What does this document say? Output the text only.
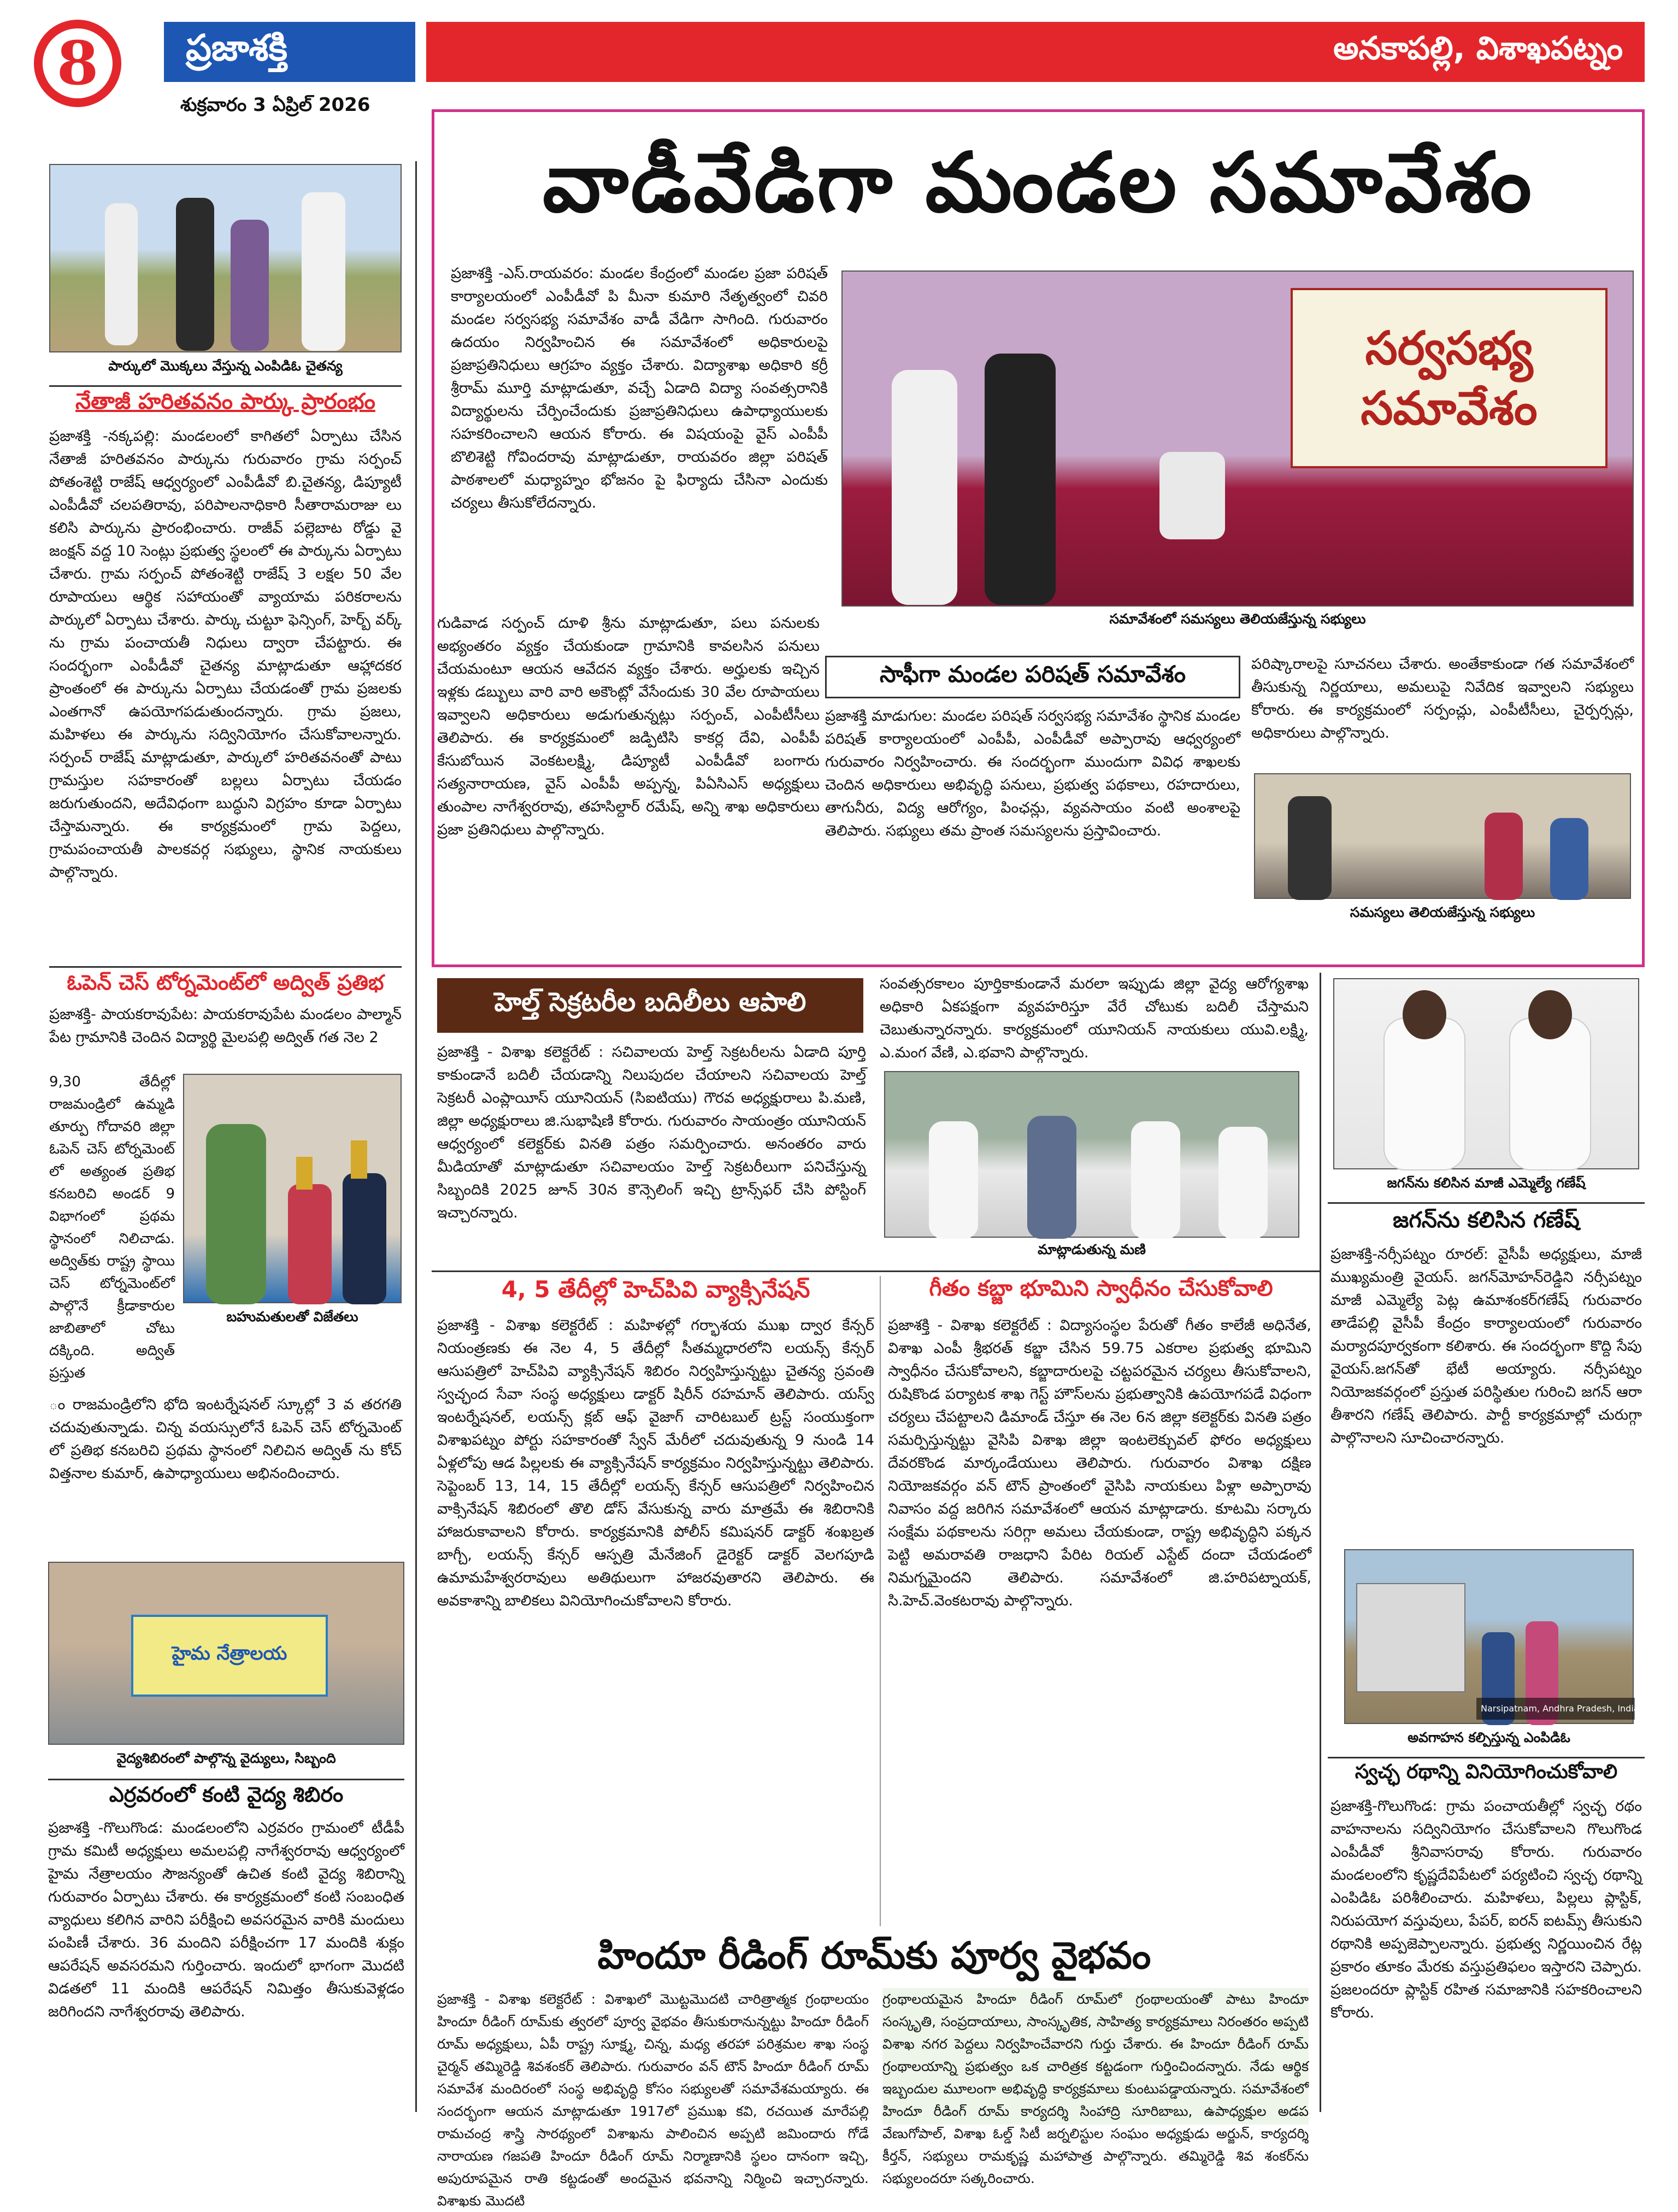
8 ప్రజాశక్తి	అనకాపల్లి, విశాఖపట్నం
శుక్రవారం 3 ఏప్రిల్ 2026
పార్కులో మొక్కలు వేస్తున్న ఎంపిడిఓ చైతన్య
నేతాజీ హరితవనం పార్కు ప్రారంభం
ప్రజాశక్తి -నక్కపల్లి: మండలంలో కాగితలో ఏర్పాటు చేసిన నేతాజీ హరితవనం పార్కును గురువారం గ్రామ సర్పంచ్ పోతంశెట్టి రాజేష్ ఆధ్వర్యంలో ఎంపీడీవో బి.చైతన్య, డిప్యూటీ ఎంపీడీవో చలపతిరావు, పరిపాలనాధికారి సీతారామరాజు లు కలిసి పార్కును ప్రారంభించారు. రాజీవ్ పల్లెబాట రోడ్డు వై జంక్షన్ వద్ద 10 సెంట్లు ప్రభుత్వ స్థలంలో ఈ పార్కును ఏర్పాటు చేశారు. గ్రామ సర్పంచ్ పోతంశెట్టి రాజేష్ 3 లక్షల 50 వేల రూపాయలు ఆర్థిక సహాయంతో వ్యాయామ పరికరాలను పార్కులో ఏర్పాటు చేశారు. పార్కు చుట్టూ ఫెన్సింగ్, హెర్బ్ వర్క్ ను గ్రామ పంచాయతీ నిధులు ద్వారా చేపట్టారు. ఈ సందర్భంగా ఎంపీడీవో చైతన్య మాట్లాడుతూ ఆహ్లాదకర ప్రాంతంలో ఈ పార్కును ఏర్పాటు చేయడంతో గ్రామ ప్రజలకు ఎంతగానో ఉపయోగపడుతుందన్నారు. గ్రామ ప్రజలు, మహిళలు ఈ పార్కును సద్వినియోగం చేసుకోవాలన్నారు. సర్పంచ్ రాజేష్ మాట్లాడుతూ, పార్కులో హరితవనంతో పాటు గ్రామస్తుల సహకారంతో బల్లలు ఏర్పాటు చేయడం జరుగుతుందని, అదేవిధంగా బుద్ధుని విగ్రహం కూడా ఏర్పాటు చేస్తామన్నారు. ఈ కార్యక్రమంలో గ్రామ పెద్దలు, గ్రామపంచాయతీ పాలకవర్గ సభ్యులు, స్థానిక నాయకులు పాల్గొన్నారు.
ఓపెన్ చెస్ టోర్నమెంట్‌లో అద్విత్ ప్రతిభ
ప్రజాశక్తి- పాయకరావుపేట: పాయకరావుపేట మండలం పాల్మాన్ పేట గ్రామానికి చెందిన విద్యార్థి మైలపల్లి అద్విత్ గత నెల 2
9,30 తేదీల్లో రాజమండ్రిలో ఉమ్మడి తూర్పు గోదావరి జిల్లా ఓపెన్ చెస్ టోర్నమెంట్ లో అత్యంత ప్రతిభ కనబరిచి అండర్ 9 విభాగంలో ప్రథమ స్థానంలో నిలిచాడు. అద్విత్‌కు రాష్ట్ర స్థాయి చెస్ టోర్నమెంట్‌లో పాల్గొనే క్రీడాకారుల జాబితాలో చోటు దక్కింది. అద్విత్ ప్రస్తుత
బహుమతులతో విజేతలు
ం రాజమండ్రిలోని భోది ఇంటర్నేషనల్ స్కూల్లో 3 వ తరగతి చదువుతున్నాడు. చిన్న వయస్సులోనే ఓపెన్ చెస్ టోర్నమెంట్ లో ప్రతిభ కనబరిచి ప్రథమ స్థానంలో నిలిచిన అద్విత్ ను కోచ్ విత్తనాల కుమార్, ఉపాధ్యాయులు అభినందించారు.
హైమ నేత్రాలయ
వైద్యశిబిరంలో పాల్గొన్న వైద్యులు, సిబ్బంది
ఎర్రవరంలో కంటి వైద్య శిబిరం
ప్రజాశక్తి -గొలుగొండ: మండలంలోని ఎర్రవరం గ్రామంలో టీడీపీ గ్రామ కమిటీ అధ్యక్షులు అమలపల్లి నాగేశ్వరరావు ఆధ్వర్యంలో హైమ నేత్రాలయం సౌజన్యంతో ఉచిత కంటి వైద్య శిబిరాన్ని గురువారం ఏర్పాటు చేశారు. ఈ కార్యక్రమంలో కంటి సంబంధిత వ్యాధులు కలిగిన వారిని పరీక్షించి అవసరమైన వారికి మందులు పంపిణీ చేశారు. 36 మందిని పరీక్షించగా 17 మందికి శుక్లం ఆపరేషన్ అవసరమని గుర్తించారు. ఇందులో భాగంగా మొదటి విడతలో 11 మందికి ఆపరేషన్ నిమిత్తం తీసుకువెళ్లడం జరిగిందని నాగేశ్వరరావు తెలిపారు.
వాడీవేడిగా మండల సమావేశం
ప్రజాశక్తి -ఎస్.రాయవరం: మండల కేంద్రంలో మండల ప్రజా పరిషత్ కార్యాలయంలో ఎంపీడీవో పి మీనా కుమారి నేతృత్వంలో చివరి మండల సర్వసభ్య సమావేశం వాడీ వేడిగా సాగింది. గురువారం ఉదయం నిర్వహించిన ఈ సమావేశంలో అధికారులపై ప్రజాప్రతినిధులు ఆగ్రహం వ్యక్తం చేశారు. విద్యాశాఖ అధికారి కర్రీ శ్రీరామ్ మూర్తి మాట్లాడుతూ, వచ్చే ఏడాది విద్యా సంవత్సరానికి విద్యార్థులను చేర్పించేందుకు ప్రజాప్రతినిధులు ఉపాధ్యాయులకు సహకరించాలని ఆయన కోరారు. ఈ విషయంపై వైస్ ఎంపీపీ బొలిశెట్టి గోవిందరావు మాట్లాడుతూ, రాయవరం జిల్లా పరిషత్ పాఠశాలలో మధ్యాహ్నం భోజనం పై ఫిర్యాదు చేసినా ఎందుకు చర్యలు తీసుకోలేదన్నారు.
గుడివాడ సర్పంచ్ దూళి శ్రీను మాట్లాడుతూ, పలు పనులకు అభ్యంతరం వ్యక్తం చేయకుండా గ్రామానికి కావలసిన పనులు చేయమంటూ ఆయన ఆవేదన వ్యక్తం చేశారు. అర్హులకు ఇచ్చిన ఇళ్లకు డబ్బులు వారి వారి అకౌంట్లో వేసేందుకు 30 వేల రూపాయలు ఇవ్వాలని అధికారులు అడుగుతున్నట్లు సర్పంచ్, ఎంపీటీసీలు తెలిపారు. ఈ కార్యక్రమంలో జడ్పిటిసి కాకర్ల దేవి, ఎంపీపీ కేసుబోయిన వెంకటలక్ష్మి, డిప్యూటీ ఎంపీడీవో బంగారు సత్యనారాయణ, వైస్ ఎంపీపీ అప్పన్న, పిఏసిఎస్ అధ్యక్షులు తుంపాల నాగేశ్వరరావు, తహసిల్దార్ రమేష్, అన్ని శాఖ అధికారులు ప్రజా ప్రతినిధులు పాల్గొన్నారు.
సర్వసభ్య సమావేశం
సమావేశంలో సమస్యలు తెలియజేస్తున్న సభ్యులు
సాఫీగా మండల పరిషత్ సమావేశం
ప్రజాశక్తి మాడుగుల: మండల పరిషత్ సర్వసభ్య సమావేశం స్థానిక మండల పరిషత్ కార్యాలయంలో ఎంపీపీ, ఎంపీడీవో అప్పారావు ఆధ్వర్యంలో గురువారం నిర్వహించారు. ఈ సందర్భంగా ముందుగా వివిధ శాఖలకు చెందిన అధికారులు అభివృద్ధి పనులు, ప్రభుత్వ పథకాలు, రహదారులు, తాగునీరు, విద్య ఆరోగ్యం, పింఛన్లు, వ్యవసాయం వంటి అంశాలపై తెలిపారు. సభ్యులు తమ ప్రాంత సమస్యలను ప్రస్తావించారు.
పరిష్కారాలపై సూచనలు చేశారు. అంతేకాకుండా గత సమావేశంలో తీసుకున్న నిర్ణయాలు, అమలుపై నివేదిక ఇవ్వాలని సభ్యులు కోరారు. ఈ కార్యక్రమంలో సర్పంచ్లు, ఎంపీటీసీలు, చైర్పర్సన్లు, అధికారులు పాల్గొన్నారు.
సమస్యలు తెలియజేస్తున్న సభ్యులు
హెల్త్ సెక్రటరీల బదిలీలు ఆపాలి
ప్రజాశక్తి - విశాఖ కలెక్టరేట్ : సచివాలయ హెల్త్ సెక్రటరీలను ఏడాది పూర్తి కాకుండానే బదిలీ చేయడాన్ని నిలుపుదల చేయాలని సచివాలయ హెల్త్ సెక్రటరీ ఎంప్లాయీస్ యూనియన్ (సిఐటియు) గౌరవ అధ్యక్షురాలు పి.మణి, జిల్లా అధ్యక్షురాలు జి.సుభాషిణి కోరారు. గురువారం సాయంత్రం యూనియన్ ఆధ్వర్యంలో కలెక్టర్‌కు వినతి పత్రం సమర్పించారు. అనంతరం వారు మీడియాతో మాట్లాడుతూ సచివాలయం హెల్త్ సెక్రటరీలుగా పనిచేస్తున్న సిబ్బందికి 2025 జూన్ 30న కౌన్సెలింగ్ ఇచ్చి ట్రాన్స్‌ఫర్ చేసి పోస్టింగ్ ఇచ్చారన్నారు.
సంవత్సరకాలం పూర్తికాకుండానే మరలా ఇప్పుడు జిల్లా వైద్య ఆరోగ్యశాఖ అధికారి ఏకపక్షంగా వ్యవహరిస్తూ వేరే చోటుకు బదిలీ చేస్తామని చెబుతున్నారన్నారు. కార్యక్రమంలో యూనియన్ నాయకులు యువి.లక్ష్మి, ఎ.మంగ వేణి, ఎ.భవాని పాల్గొన్నారు.
మాట్లాడుతున్న మణి
4, 5 తేదీల్లో హెచ్‌పివి వ్యాక్సినేషన్
ప్రజాశక్తి - విశాఖ కలెక్టరేట్ : మహిళల్లో గర్భాశయ ముఖ ద్వార కేన్సర్ నియంత్రణకు ఈ నెల 4, 5 తేదీల్లో సీతమ్మధారలోని లయన్స్ కేన్సర్ ఆసుపత్రిలో హెచ్‌పివి వ్యాక్సినేషన్ శిబిరం నిర్వహిస్తున్నట్టు చైతన్య స్రవంతి స్వచ్ఛంద సేవా సంస్థ అధ్యక్షులు డాక్టర్ షిరీన్ రహమాన్ తెలిపారు. యస్వ్ ఇంటర్నేషనల్, లయన్స్ క్లబ్ ఆఫ్ వైజాగ్ చారిటబుల్ ట్రస్ట్ సంయుక్తంగా విశాఖపట్నం పోర్టు సహకారంతో స్వేన్ మేరీలో చదువుతున్న 9 నుండి 14 ఏళ్లలోపు ఆడ పిల్లలకు ఈ వ్యాక్సినేషన్ కార్యక్రమం నిర్వహిస్తున్నట్టు తెలిపారు. సెప్టెంబర్ 13, 14, 15 తేదీల్లో లయన్స్ కేన్సర్ ఆసుపత్రిలో నిర్వహించిన వాక్సినేషన్ శిబిరంలో తొలి డోస్ వేసుకున్న వారు మాత్రమే ఈ శిబిరానికి హాజరుకావాలని కోరారు. కార్యక్రమానికి పోలీస్ కమిషనర్ డాక్టర్ శంఖబ్రత బాగ్చీ, లయన్స్ కేన్సర్ ఆస్పత్రి మేనేజింగ్ డైరెక్టర్ డాక్టర్ వెలగపూడి ఉమామహేశ్వరరావులు అతిథులుగా హాజరవుతారని తెలిపారు. ఈ అవకాశాన్ని బాలికలు వినియోగించుకోవాలని కోరారు.
గీతం కబ్జా భూమిని స్వాధీనం చేసుకోవాలి
ప్రజాశక్తి - విశాఖ కలెక్టరేట్ : విద్యాసంస్థల పేరుతో గీతం కాలేజీ అధినేత, విశాఖ ఎంపీ శ్రీభరత్ కబ్జా చేసిన 59.75 ఎకరాల ప్రభుత్వ భూమిని స్వాధీనం చేసుకోవాలని, కబ్జాదారులపై చట్టపరమైన చర్యలు తీసుకోవాలని, రుషికొండ పర్యాటక శాఖ గెస్ట్ హౌస్‌లను ప్రభుత్వానికి ఉపయోగపడే విధంగా చర్యలు చేపట్టాలని డిమాండ్ చేస్తూ ఈ నెల 6న జిల్లా కలెక్టర్‌కు వినతి పత్రం సమర్పిస్తున్నట్టు వైసిపి విశాఖ జిల్లా ఇంటలెక్చువల్ ఫోరం అధ్యక్షులు దేవరకొండ మార్కండేయులు తెలిపారు. గురువారం విశాఖ దక్షిణ నియోజకవర్గం వన్ టౌన్ ప్రాంతంలో వైసిపి నాయకులు పిళ్లా అప్పారావు నివాసం వద్ద జరిగిన సమావేశంలో ఆయన మాట్లాడారు. కూటమి సర్కారు సంక్షేమ పథకాలను సరిగ్గా అమలు చేయకుండా, రాష్ట్ర అభివృద్ధిని పక్కన పెట్టి అమరావతి రాజధాని పేరిట రియల్ ఎస్టేట్ దందా చేయడంలో నిమగ్నమైందని తెలిపారు. సమావేశంలో జి.హరిపట్నాయక్, సి.హెచ్.వెంకటరావు పాల్గొన్నారు.
జగన్‌ను కలిసిన మాజీ ఎమ్మెల్యే గణేష్
జగన్‌ను కలిసిన గణేష్
ప్రజాశక్తి-నర్సీపట్నం రూరల్: వైసీపీ అధ్యక్షులు, మాజీ ముఖ్యమంత్రి వైయస్. జగన్‌మోహన్‌రెడ్డిని నర్సీపట్నం మాజీ ఎమ్మెల్యే పెట్ల ఉమాశంకర్‌గణేష్ గురువారం తాడేపల్లి వైసీపీ కేంద్రం కార్యాలయంలో గురువారం మర్యాదపూర్వకంగా కలిశారు. ఈ సందర్భంగా కొద్ది సేపు వైయస్.జగన్‌తో భేటీ అయ్యారు. నర్సీపట్నం నియోజకవర్గంలో ప్రస్తుత పరిస్థితుల గురించి జగన్ ఆరా తీశారని గణేష్ తెలిపారు. పార్టీ కార్యక్రమాల్లో చురుగ్గా పాల్గొనాలని సూచించారన్నారు.
Narsipatnam, Andhra Pradesh, India
అవగాహన కల్పిస్తున్న ఎంపిడిఓ
స్వచ్ఛ రథాన్ని వినియోగించుకోవాలి
ప్రజాశక్తి-గొలుగొండ: గ్రామ పంచాయతీల్లో స్వచ్ఛ రథం వాహనాలను సద్వినియోగం చేసుకోవాలని గొలుగొండ ఎంపీడీవో శ్రీనివాసరావు కోరారు. గురువారం మండలంలోని కృష్ణదేవిపేటలో పర్యటించి స్వచ్ఛ రథాన్ని ఎంపిడిఓ పరిశీలించారు. మహిళలు, పిల్లలు ప్లాస్టిక్, నిరుపయోగ వస్తువులు, పేపర్, ఐరన్ ఐటమ్స్ తీసుకుని రథానికి అప్పజెప్పాలన్నారు. ప్రభుత్వ నిర్ణయించిన రేట్ల ప్రకారం తూకం మేరకు వస్తుప్రతిఫలం ఇస్తారని చెప్పారు. ప్రజలందరూ ప్లాస్టిక్ రహిత సమాజానికి సహకరించాలని కోరారు.
హిందూ రీడింగ్ రూమ్‌కు పూర్వ వైభవం
ప్రజాశక్తి - విశాఖ కలెక్టరేట్ : విశాఖలో మొట్టమొదటి చారిత్రాత్మక గ్రంథాలయం హిందూ రీడింగ్ రూమ్‌కు త్వరలో పూర్వ వైభవం తీసుకురానున్నట్టు హిందూ రీడింగ్ రూమ్ అధ్యక్షులు, ఏపీ రాష్ట్ర సూక్ష్మ, చిన్న, మధ్య తరహా పరిశ్రమల శాఖ సంస్థ చైర్మన్ తమ్మిరెడ్డి శివశంకర్ తెలిపారు. గురువారం వన్ టౌన్ హిందూ రీడింగ్ రూమ్ సమావేశ మందిరంలో సంస్థ అభివృద్ధి కోసం సభ్యులతో సమావేశమయ్యారు. ఈ సందర్భంగా ఆయన మాట్లాడుతూ 1917లో ప్రముఖ కవి, రచయిత మారేపల్లి రామచంద్ర శాస్త్రి సారథ్యంలో విశాఖను పాలించిన అప్పటి జమిందారు గోడే నారాయణ గజపతి హిందూ రీడింగ్ రూమ్ నిర్మాణానికి స్థలం దానంగా ఇచ్చి, అపురూపమైన రాతి కట్టడంతో అందమైన భవనాన్ని నిర్మించి ఇచ్చారన్నారు. విశాఖకు మొదటి
గ్రంథాలయమైన హిందూ రీడింగ్ రూమ్‌లో గ్రంథాలయంతో పాటు హిందూ సంస్కృతి, సంప్రదాయాలు, సాంస్కృతిక, సాహిత్య కార్యక్రమాలు నిరంతరం అప్పటి విశాఖ నగర పెద్దలు నిర్వహించేవారని గుర్తు చేశారు. ఈ హిందూ రీడింగ్ రూమ్ గ్రంథాలయాన్ని ప్రభుత్వం ఒక చారిత్రక కట్టడంగా గుర్తించిందన్నారు. నేడు ఆర్థిక ఇబ్బందుల మూలంగా అభివృద్ధి కార్యక్రమాలు కుంటుపడ్డాయన్నారు. సమావేశంలో హిందూ రీడింగ్ రూమ్ కార్యదర్శి సింహాద్రి సూరిబాబు, ఉపాధ్యక్షుల అడప వేణుగోపాల్, విశాఖ ఓల్డ్ సిటీ జర్నలిస్టుల సంఘం అధ్యక్షుడు అర్జున్, కార్యదర్శి కీర్తన్, సభ్యులు రామకృష్ణ మహాపాత్ర పాల్గొన్నారు. తమ్మిరెడ్డి శివ శంకర్‌ను సభ్యులందరూ సత్కరించారు.
